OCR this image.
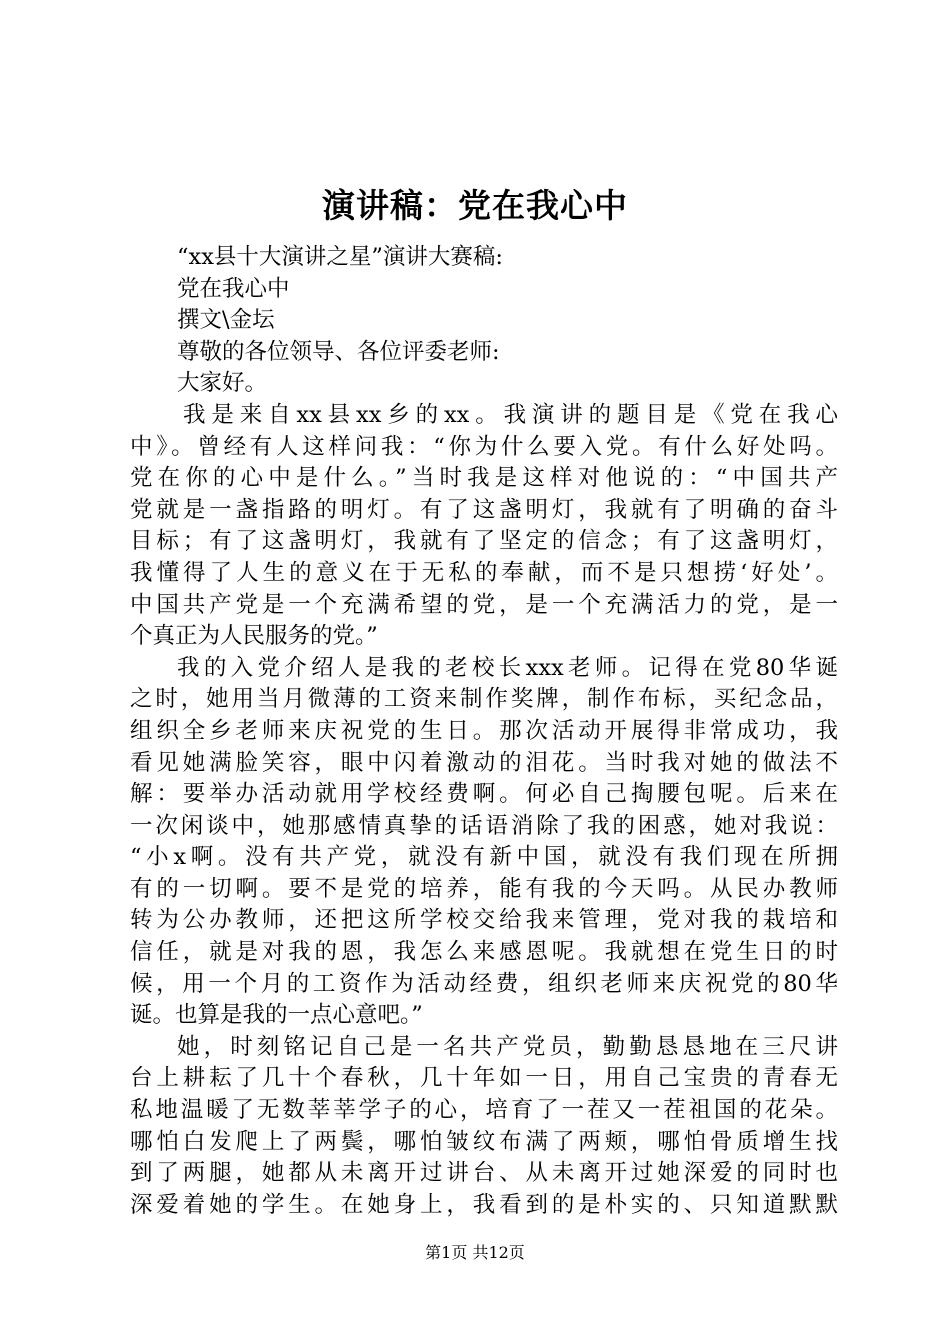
演讲稿：党在我心中
“xx县十大演讲之星”演讲大赛稿:
党在我心中
撰文\金坛
尊敬的各位领导、各位评委老师:
大家好。
我是来自xx县xx乡的xx。我演讲的题目是《党在我心
中》。曾经有人这样问我：“你为什么要入党。有什么好处吗。
党在你的心中是什么。”当时我是这样对他说的：“中国共产
党就是一盏指路的明灯。有了这盏明灯，我就有了明确的奋斗
目标；有了这盏明灯，我就有了坚定的信念；有了这盏明灯，
我懂得了人生的意义在于无私的奉献，而不是只想捞‘好处’。
中国共产党是一个充满希望的党，是一个充满活力的党，是一
个真正为人民服务的党。”
我的入党介绍人是我的老校长xxx老师。记得在党80华诞
之时，她用当月微薄的工资来制作奖牌，制作布标，买纪念品，
组织全乡老师来庆祝党的生日。那次活动开展得非常成功，我
看见她满脸笑容，眼中闪着激动的泪花。当时我对她的做法不
解：要举办活动就用学校经费啊。何必自己掏腰包呢。后来在
一次闲谈中，她那感情真挚的话语消除了我的困惑，她对我说：
“小x啊。没有共产党，就没有新中国，就没有我们现在所拥
有的一切啊。要不是党的培养，能有我的今天吗。从民办教师
转为公办教师，还把这所学校交给我来管理，党对我的栽培和
信任，就是对我的恩，我怎么来感恩呢。我就想在党生日的时
候，用一个月的工资作为活动经费，组织老师来庆祝党的80华
诞。也算是我的一点心意吧。”
她，时刻铭记自己是一名共产党员，勤勤恳恳地在三尺讲
台上耕耘了几十个春秋，几十年如一日，用自己宝贵的青春无
私地温暖了无数莘莘学子的心，培育了一茬又一茬祖国的花朵。
哪怕白发爬上了两鬓，哪怕皱纹布满了两颊，哪怕骨质增生找
到了两腿，她都从未离开过讲台、从未离开过她深爱的同时也
深爱着她的学生。在她身上，我看到的是朴实的、只知道默默
第1页 共12页
